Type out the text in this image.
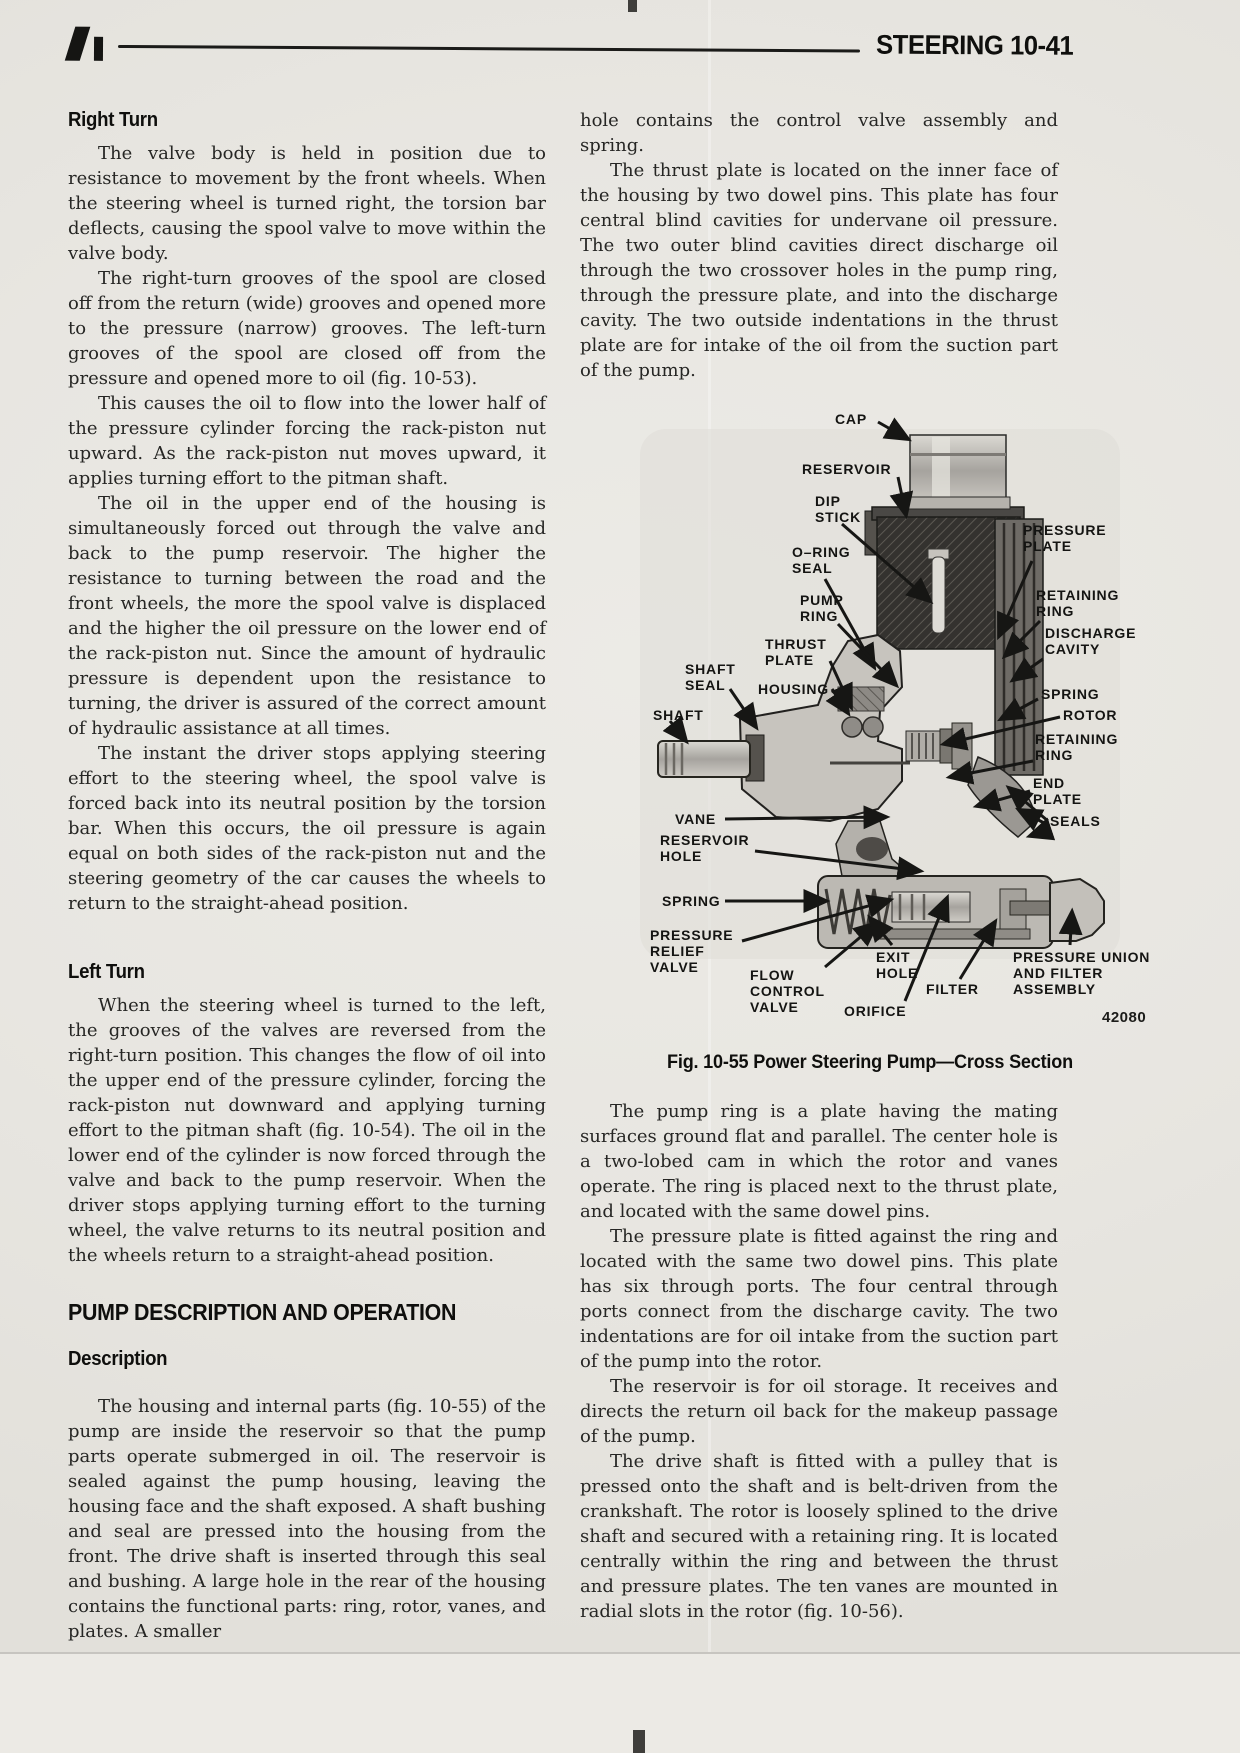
STEERING 10-41
Right Turn

The valve body is held in position due to resistance to movement by the front wheels. When the steering wheel is turned right, the torsion bar deflects, causing the spool valve to move within the valve body.

The right-turn grooves of the spool are closed off from the return (wide) grooves and opened more to the pressure (narrow) grooves. The left-turn grooves of the spool are closed off from the pressure and opened more to oil (fig. 10-53).

This causes the oil to flow into the lower half of the pressure cylinder forcing the rack-piston nut upward. As the rack-piston nut moves upward, it applies turning effort to the pitman shaft.

The oil in the upper end of the housing is simultaneously forced out through the valve and back to the pump reservoir. The higher the resistance to turning between the road and the front wheels, the more the spool valve is displaced and the higher the oil pressure on the lower end of the rack-piston nut. Since the amount of hydraulic pressure is dependent upon the resistance to turning, the driver is assured of the correct amount of hydraulic assistance at all times.

The instant the driver stops applying steering effort to the steering wheel, the spool valve is forced back into its neutral position by the torsion bar. When this occurs, the oil pressure is again equal on both sides of the rack-piston nut and the steering geometry of the car causes the wheels to return to the straight-ahead position.

Left Turn

When the steering wheel is turned to the left, the grooves of the valves are reversed from the right-turn position. This changes the flow of oil into the upper end of the pressure cylinder, forcing the rack-piston nut downward and applying turning effort to the pitman shaft (fig. 10-54). The oil in the lower end of the cylinder is now forced through the valve and back to the pump reservoir. When the driver stops applying turning effort to the turning wheel, the valve returns to its neutral position and the wheels return to a straight-ahead position.

PUMP DESCRIPTION AND OPERATION
Description

The housing and internal parts (fig. 10-55) of the pump are inside the reservoir so that the pump parts operate submerged in oil. The reservoir is sealed against the pump housing, leaving the housing face and the shaft exposed. A shaft bushing and seal are pressed into the housing from the front. The drive shaft is inserted through this seal and bushing. A large hole in the rear of the housing contains the functional parts: ring, rotor, vanes, and plates. A smaller

hole contains the control valve assembly and spring.

The thrust plate is located on the inner face of the housing by two dowel pins. This plate has four central blind cavities for undervane oil pressure. The two outer blind cavities direct discharge oil through the two crossover holes in the pump ring, through the pressure plate, and into the discharge cavity. The two outside indentations in the thrust plate are for intake of the oil from the suction part of the pump.

CAP
RESERVOIR
DIP STICK
O–RING SEAL
PUMP RING
THRUST PLATE
SHAFT SEAL	HOUSING
SHAFT
VANE
RESERVOIR HOLE
SPRING
PRESSURE RELIEF VALVE	FLOW CONTROL VALVE	ORIFICE
EXIT HOLE
FILTER
PRESSURE UNION AND FILTER ASSEMBLY
PRESSURE PLATE
RETAINING RING
DISCHARGE CAVITY
SPRING
ROTOR
RETAINING RING
END PLATE
SEALS
42080
Fig. 10-55 Power Steering Pump—Cross Section

The pump ring is a plate having the mating surfaces ground flat and parallel. The center hole is a two-lobed cam in which the rotor and vanes operate. The ring is placed next to the thrust plate, and located with the same dowel pins.

The pressure plate is fitted against the ring and located with the same two dowel pins. This plate has six through ports. The four central through ports connect from the discharge cavity. The two indentations are for oil intake from the suction part of the pump into the rotor.

The reservoir is for oil storage. It receives and directs the return oil back for the makeup passage of the pump.

The drive shaft is fitted with a pulley that is pressed onto the shaft and is belt-driven from the crankshaft. The rotor is loosely splined to the drive shaft and secured with a retaining ring. It is located centrally within the ring and between the thrust and pressure plates. The ten vanes are mounted in radial slots in the rotor (fig. 10-56).
